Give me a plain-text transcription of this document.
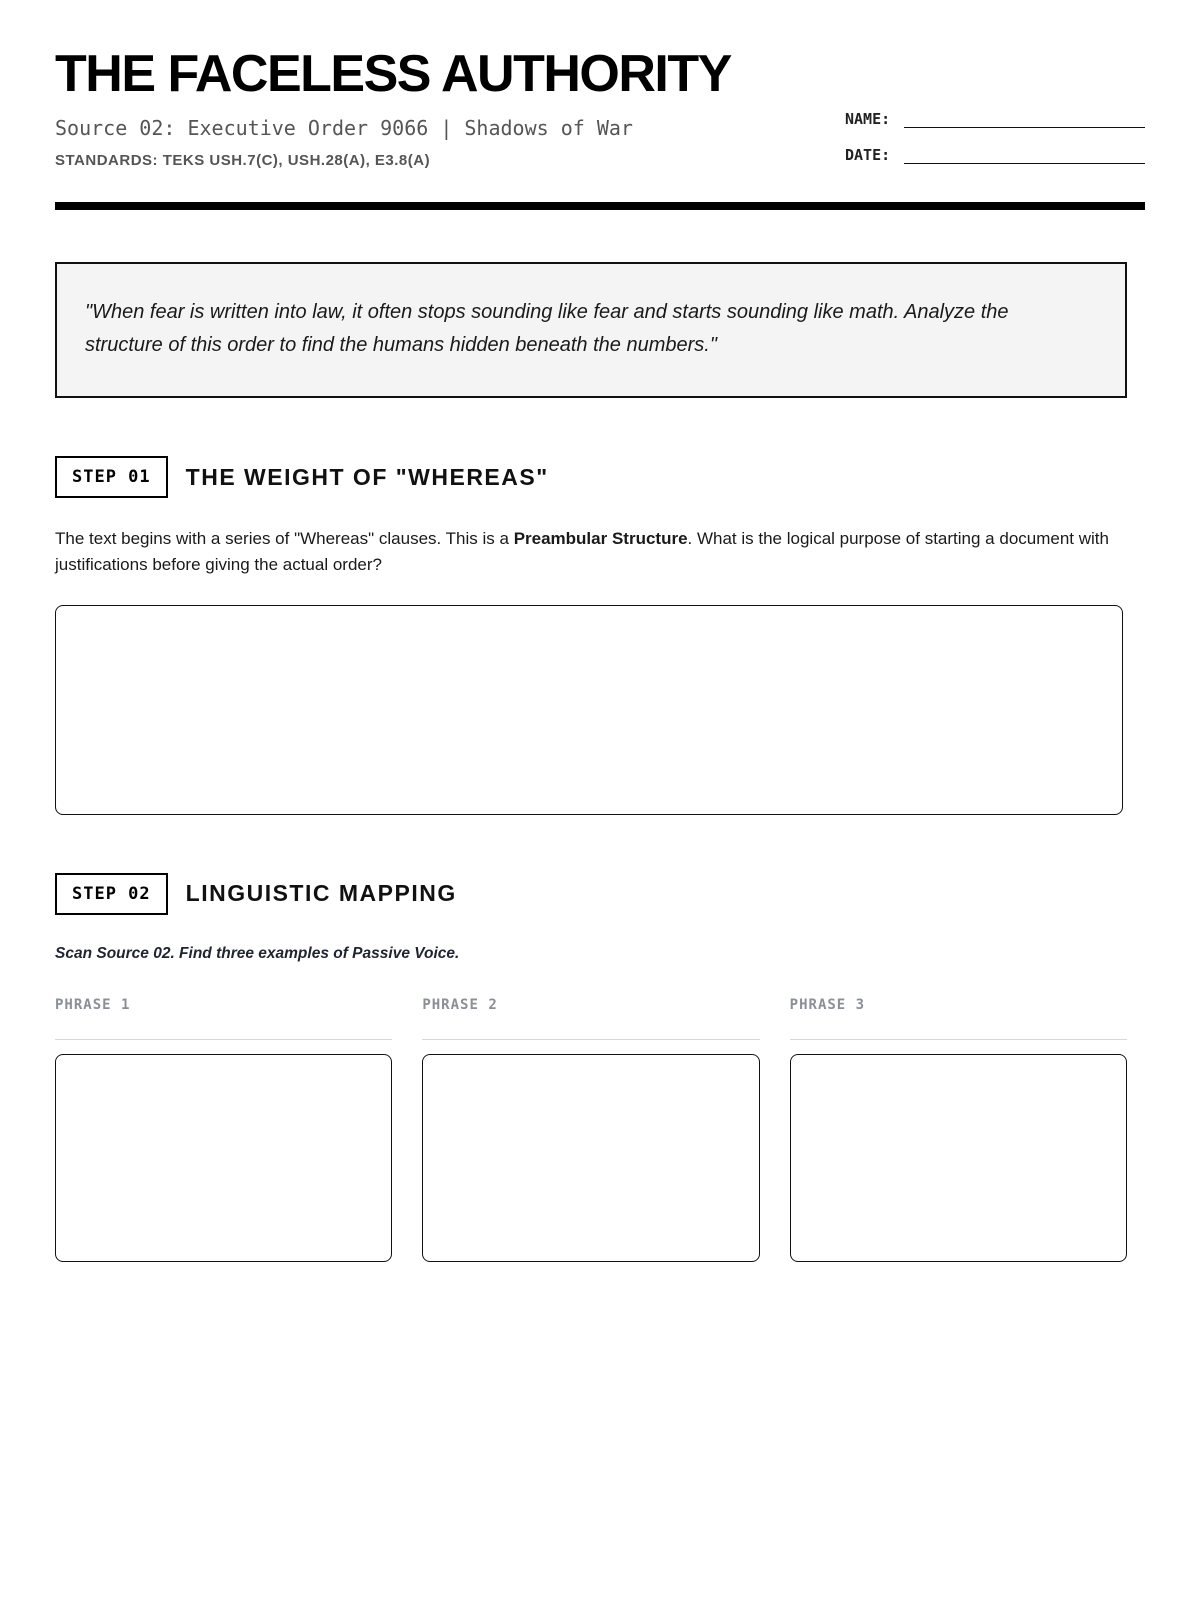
THE FACELESS AUTHORITY
Source 02: Executive Order 9066 | Shadows of War
STANDARDS: TEKS USH.7(C), USH.28(A), E3.8(A)
NAME:
DATE:
"When fear is written into law, it often stops sounding like fear and starts sounding like math. Analyze the structure of this order to find the humans hidden beneath the numbers."
STEP 01	THE WEIGHT OF "WHEREAS"
The text begins with a series of "Whereas" clauses. This is a Preambular Structure. What is the logical purpose of starting a document with justifications before giving the actual order?
STEP 02	LINGUISTIC MAPPING
Scan Source 02. Find three examples of Passive Voice.
PHRASE 1	PHRASE 2	PHRASE 3
